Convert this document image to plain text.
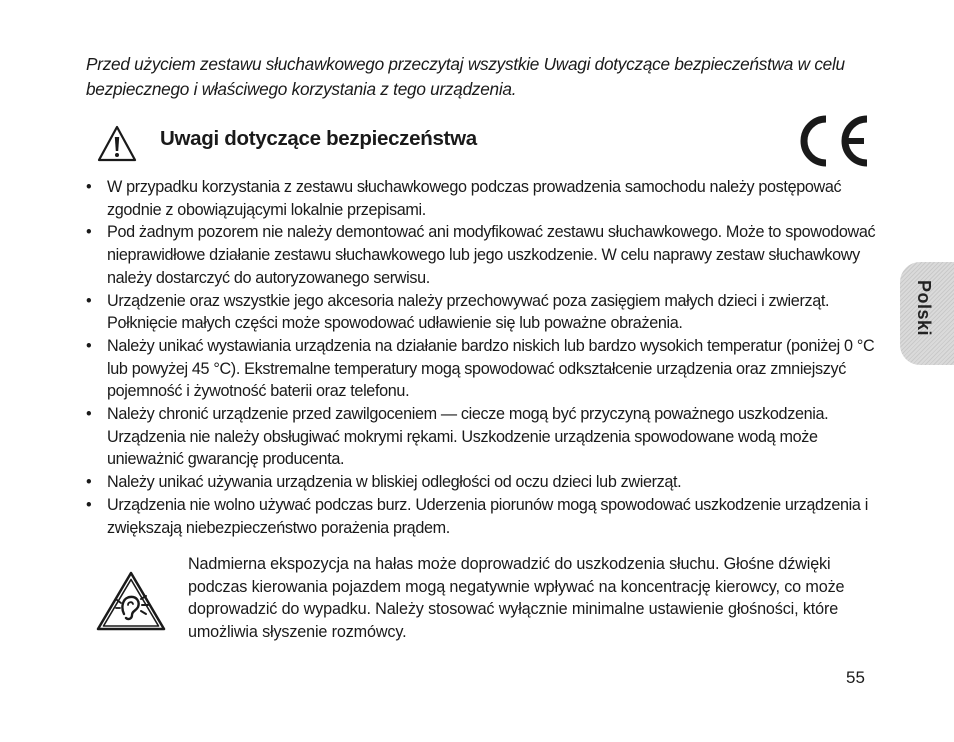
Przed użyciem zestawu słuchawkowego przeczytaj wszystkie Uwagi dotyczące bezpieczeństwa w celu bezpiecznego i właściwego korzystania z tego urządzenia.

Uwagi dotyczące bezpieczeństwa
• W przypadku korzystania z zestawu słuchawkowego podczas prowadzenia samochodu należy postępować zgodnie z obowiązującymi lokalnie przepisami.
• Pod żadnym pozorem nie należy demontować ani modyfikować zestawu słuchawkowego. Może to spowodować nieprawidłowe działanie zestawu słuchawkowego lub jego uszkodzenie. W celu naprawy zestaw słuchawkowy należy dostarczyć do autoryzowanego serwisu.
• Urządzenie oraz wszystkie jego akcesoria należy przechowywać poza zasięgiem małych dzieci i zwierząt. Połknięcie małych części może spowodować udławienie się lub poważne obrażenia.
• Należy unikać wystawiania urządzenia na działanie bardzo niskich lub bardzo wysokich temperatur (poniżej 0 °C lub powyżej 45 °C). Ekstremalne temperatury mogą spowodować odkształcenie urządzenia oraz zmniejszyć pojemność i żywotność baterii oraz telefonu.
• Należy chronić urządzenie przed zawilgoceniem — ciecze mogą być przyczyną poważnego uszkodzenia. Urządzenia nie należy obsługiwać mokrymi rękami. Uszkodzenie urządzenia spowodowane wodą może unieważnić gwarancję producenta.
• Należy unikać używania urządzenia w bliskiej odległości od oczu dzieci lub zwierząt.
• Urządzenia nie wolno używać podczas burz. Uderzenia piorunów mogą spowodować uszkodzenie urządzenia i zwiększają niebezpieczeństwo porażenia prądem.

Nadmierna ekspozycja na hałas może doprowadzić do uszkodzenia słuchu. Głośne dźwięki podczas kierowania pojazdem mogą negatywnie wpływać na koncentrację kierowcy, co może doprowadzić do wypadku. Należy stosować wyłącznie minimalne ustawienie głośności, które umożliwia słyszenie rozmówcy.

Polski

55
